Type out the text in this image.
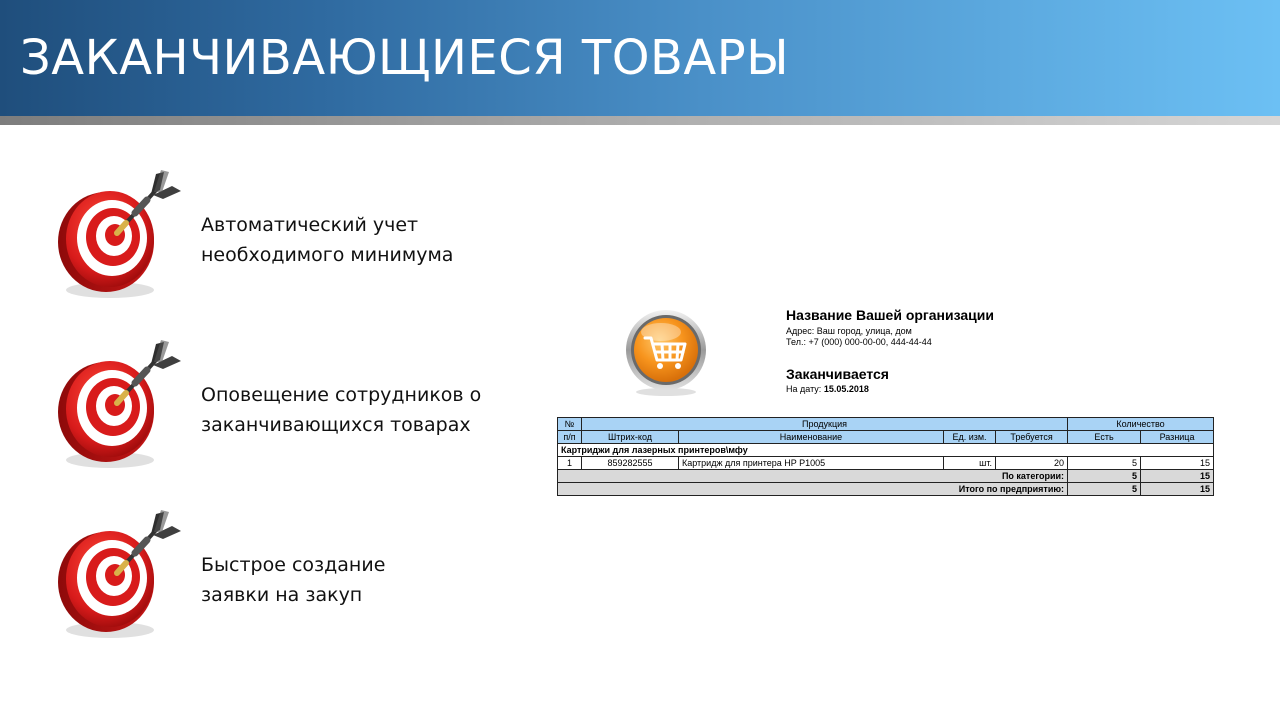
ЗАКАНЧИВАЮЩИЕСЯ ТОВАРЫ

Автоматический учет
необходимого минимума

Оповещение сотрудников о
заканчивающихся товарах

Быстрое создание
заявки на закуп

Название Вашей организации
Адрес: Ваш город, улица, дом
Тел.: +7 (000) 000-00-00, 444-44-44
Заканчивается
На дату: 15.05.2018
№	Продукция				Количество	
п/п	Штрих-код	Наименование	Ед. изм.	Требуется	Есть	Разница
Картриджи для лазерных принтеров\мфу						
1	859282555	Картридж для принтера HP P1005	шт.	20	5	15
По категории:					5	15
Итого по предприятию:					5	15
